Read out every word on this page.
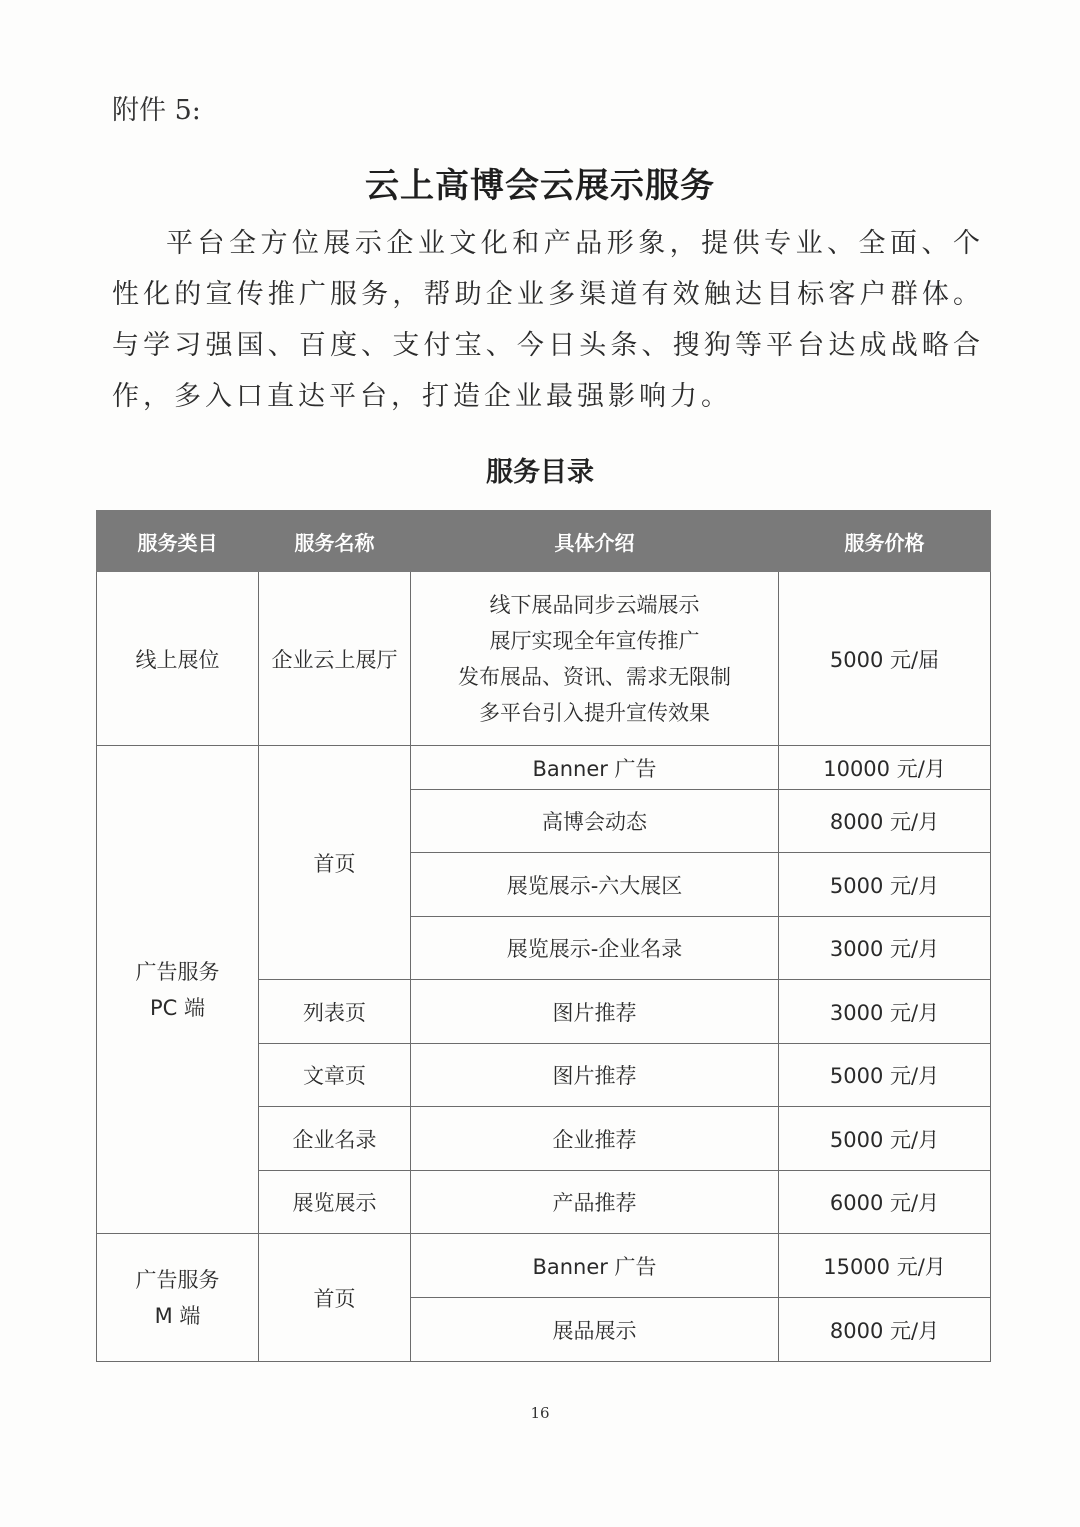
附件 5:
云上高博会云展示服务

平台全方位展示企业文化和产品形象，提供专业、全面、个性化的宣传推广服务，帮助企业多渠道有效触达目标客户群体。与学习强国、百度、支付宝、今日头条、搜狗等平台达成战略合作，多入口直达平台，打造企业最强影响力。

服务目录
服务类目	服务名称	具体介绍	服务价格
线上展位	企业云上展厅	线下展品同步云端展示
展厅实现全年宣传推广
发布展品、资讯、需求无限制
多平台引入提升宣传效果	5000 元/届

广告服务
PC 端	首页	Banner 广告	10000 元/月
		高博会动态	8000 元/月
		展览展示-六大展区	5000 元/月
		展览展示-企业名录	3000 元/月
	列表页	图片推荐	3000 元/月
	文章页	图片推荐	5000 元/月
	企业名录	企业推荐	5000 元/月
	展览展示	产品推荐	6000 元/月

广告服务
M 端	首页	Banner 广告	15000 元/月
		展品展示	8000 元/月
16
